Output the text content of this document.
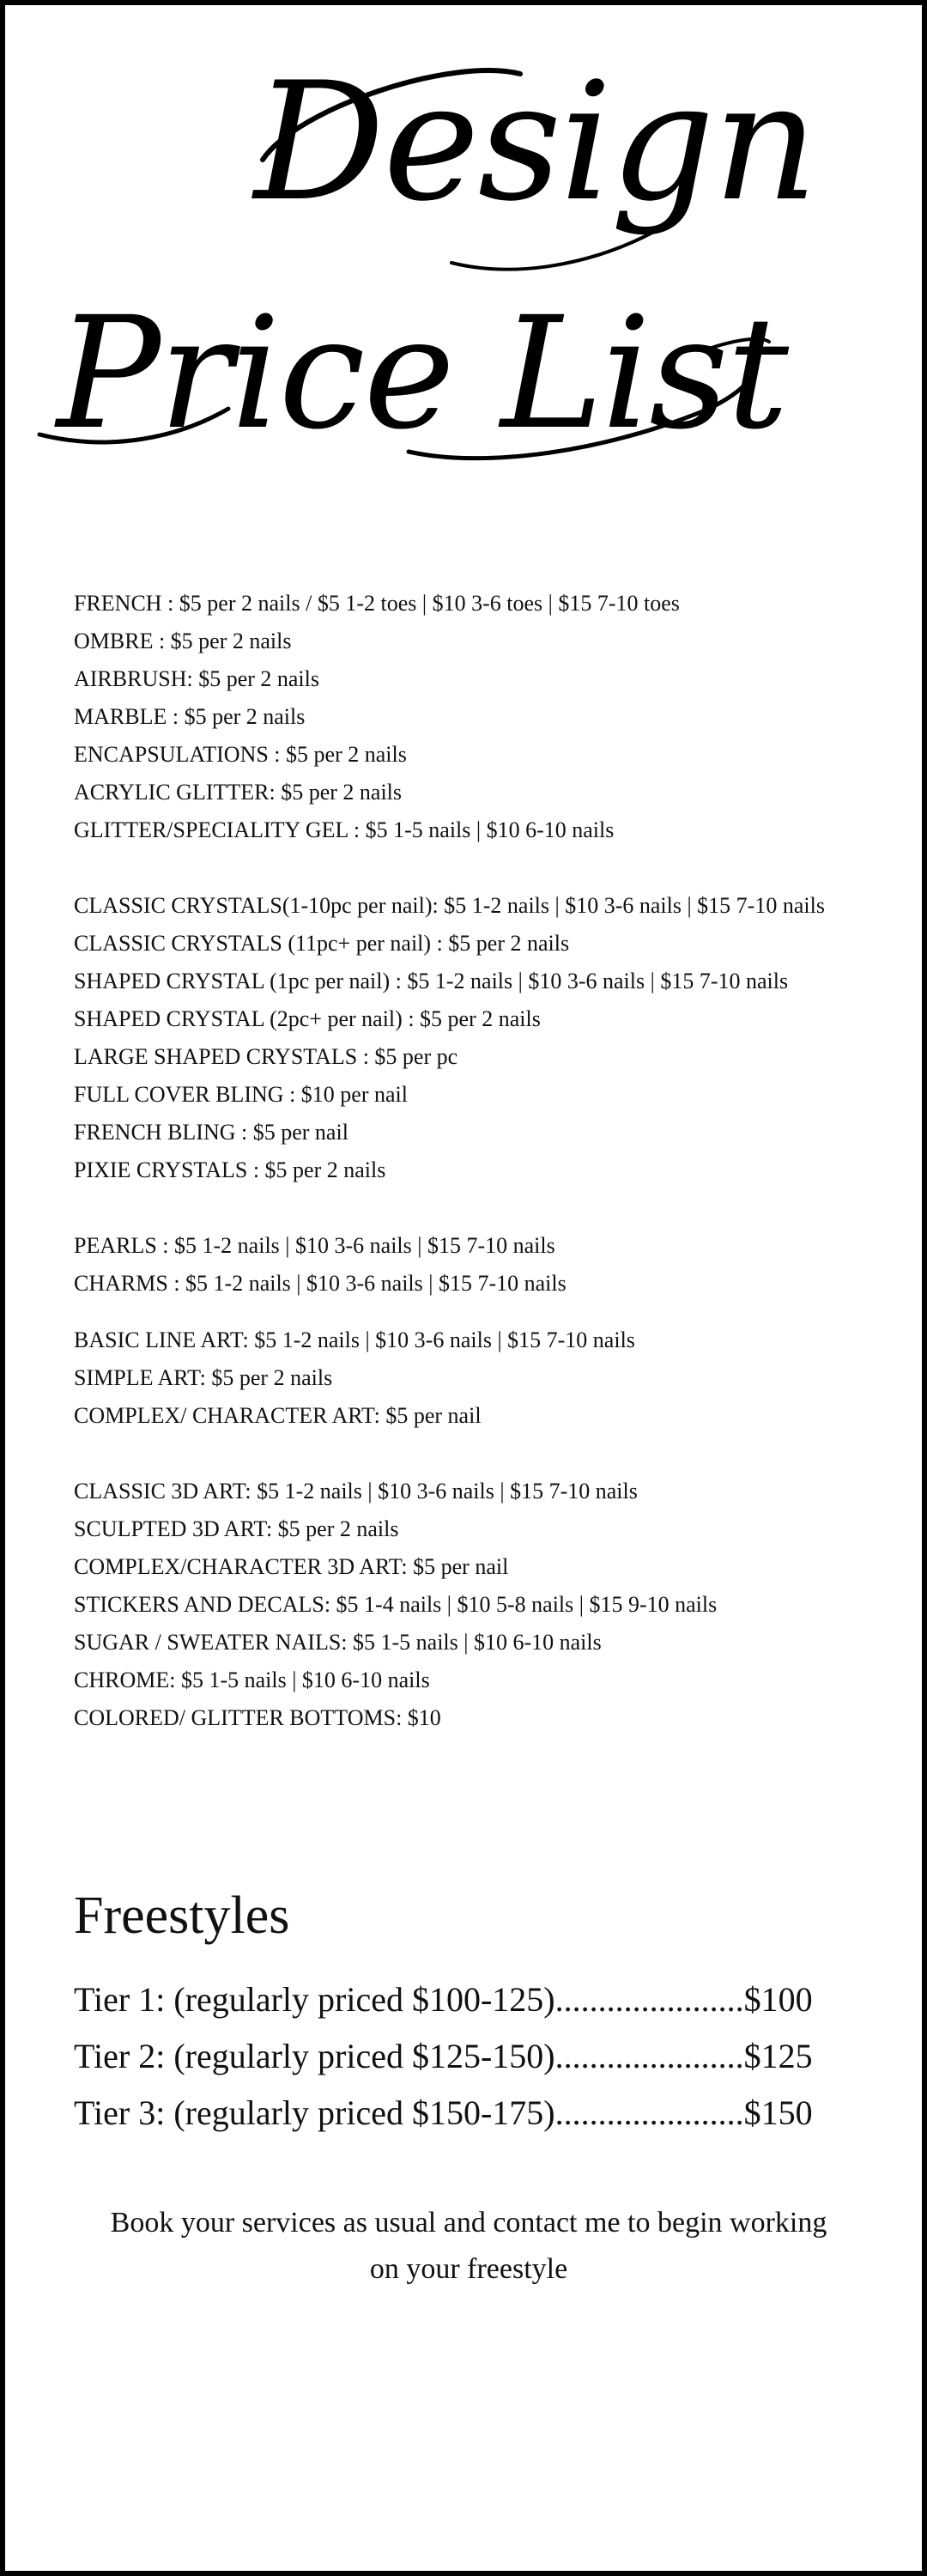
Design
Price List
FRENCH : $5 per 2 nails / $5 1-2 toes | $10 3-6 toes | $15 7-10 toes
OMBRE : $5 per 2 nails
AIRBRUSH: $5 per 2 nails
MARBLE : $5 per 2 nails
ENCAPSULATIONS : $5 per 2 nails
ACRYLIC GLITTER: $5 per 2 nails
GLITTER/SPECIALITY GEL : $5 1-5 nails | $10 6-10 nails
CLASSIC CRYSTALS(1-10pc per nail): $5 1-2 nails | $10 3-6 nails | $15 7-10 nails
CLASSIC CRYSTALS (11pc+ per nail) : $5 per 2 nails
SHAPED CRYSTAL (1pc per nail) : $5 1-2 nails | $10 3-6 nails | $15 7-10 nails
SHAPED CRYSTAL (2pc+ per nail) : $5 per 2 nails
LARGE SHAPED CRYSTALS : $5 per pc
FULL COVER BLING : $10 per nail
FRENCH BLING : $5 per nail
PIXIE CRYSTALS : $5 per 2 nails
PEARLS : $5 1-2 nails | $10 3-6 nails | $15 7-10 nails
CHARMS : $5 1-2 nails | $10 3-6 nails | $15 7-10 nails
BASIC LINE ART: $5 1-2 nails | $10 3-6 nails | $15 7-10 nails
SIMPLE ART: $5 per 2 nails
COMPLEX/ CHARACTER ART: $5 per nail
CLASSIC 3D ART: $5 1-2 nails | $10 3-6 nails | $15 7-10 nails
SCULPTED 3D ART: $5 per 2 nails
COMPLEX/CHARACTER 3D ART: $5 per nail
STICKERS AND DECALS: $5 1-4 nails | $10 5-8 nails | $15 9-10 nails
SUGAR / SWEATER NAILS: $5 1-5 nails | $10 6-10 nails
CHROME: $5 1-5 nails | $10 6-10 nails
COLORED/ GLITTER BOTTOMS: $10
Freestyles
Tier 1: (regularly priced $100-125)......................$100
Tier 2: (regularly priced $125-150)......................$125
Tier 3: (regularly priced $150-175)......................$150
Book your services as usual and contact me to begin working
on your freestyle
